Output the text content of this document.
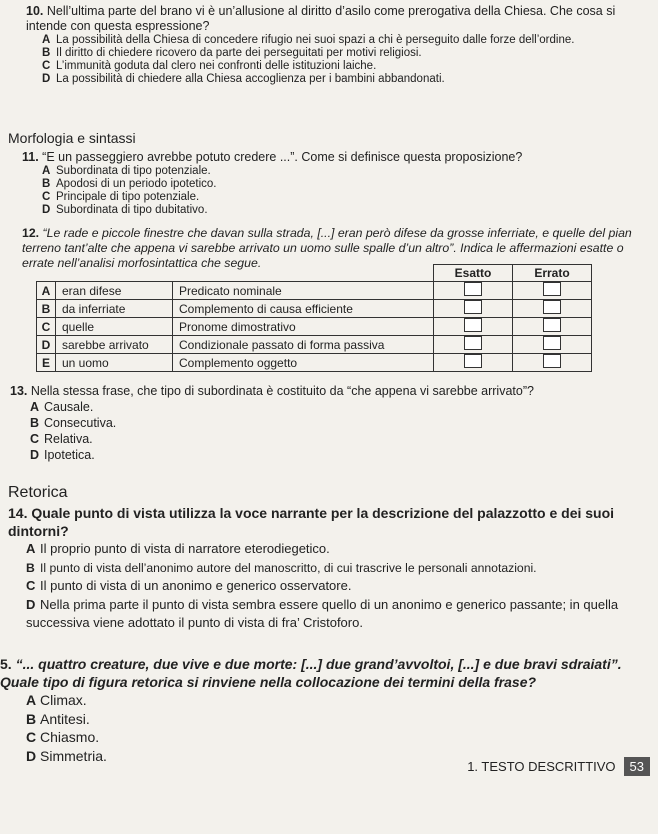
10. Nell’ultima parte del brano vi è un’allusione al diritto d’asilo come prerogativa della Chiesa. Che cosa si intende con questa espressione?
A La possibilità della Chiesa di concedere rifugio nei suoi spazi a chi è perseguito dalle forze dell’ordine.
B Il diritto di chiedere ricovero da parte dei perseguitati per motivi religiosi.
C L’immunità goduta dal clero nei confronti delle istituzioni laiche.
D La possibilità di chiedere alla Chiesa accoglienza per i bambini abbandonati.
Morfologia e sintassi
11. “E un passeggiero avrebbe potuto credere ...”. Come si definisce questa proposizione?
A Subordinata di tipo potenziale.
B Apodosi di un periodo ipotetico.
C Principale di tipo potenziale.
D Subordinata di tipo dubitativo.
12. “Le rade e piccole finestre che davan sulla strada, [...] eran però difese da grosse inferriate, e quelle del pian terreno tant’alte che appena vi sarebbe arrivato un uomo sulle spalle d’un altro”. Indica le affermazioni esatte o errate nell’analisi morfosintattica che segue.
			Esatto	Errato
A	eran difese	Predicato nominale		
B	da inferriate	Complemento di causa efficiente		
C	quelle	Pronome dimostrativo		
D	sarebbe arrivato	Condizionale passato di forma passiva		
E	un uomo	Complemento oggetto		
13. Nella stessa frase, che tipo di subordinata è costituito da “che appena vi sarebbe arrivato”?
A Causale.
B Consecutiva.
C Relativa.
D Ipotetica.
Retorica
14. Quale punto di vista utilizza la voce narrante per la descrizione del palazzotto e dei suoi dintorni?
A Il proprio punto di vista di narratore eterodiegetico.
B Il punto di vista dell’anonimo autore del manoscritto, di cui trascrive le personali annotazioni.
C Il punto di vista di un anonimo e generico osservatore.
D Nella prima parte il punto di vista sembra essere quello di un anonimo e generico passante; in quella successiva viene adottato il punto di vista di fra’ Cristoforo.
5. “... quattro creature, due vive e due morte: [...] due grand’avvoltoi, [...] e due bravi sdraiati”. Quale tipo di figura retorica si rinviene nella collocazione dei termini della frase?
A Climax.
B Antitesi.
C Chiasmo.
D Simmetria.
1. TESTO DESCRITTIVO 53
